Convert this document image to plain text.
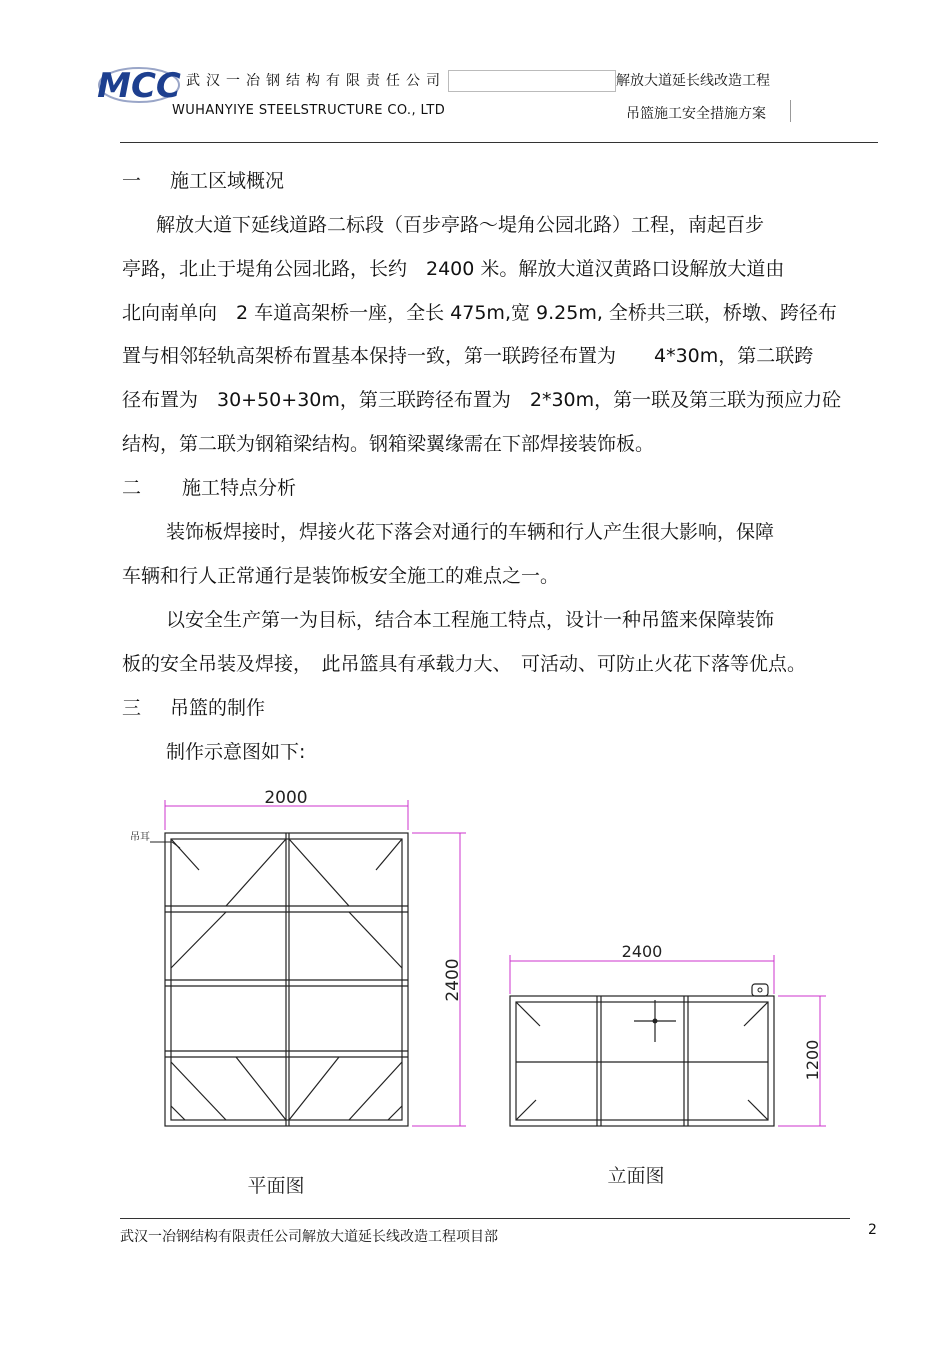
MCC 武汉一冶钢结构有限责任公司
WUHANYIYE STEELSTRUCTURE CO., LTD
解放大道延长线改造工程
吊篮施工安全措施方案
一 施工区域概况
解放大道下延线道路二标段（百步亭路～堤角公园北路）工程，南起百步
亭路，北止于堤角公园北路，长约　2400 米。解放大道汉黄路口设解放大道由
北向南单向　2 车道高架桥一座，全长 475m,宽 9.25m, 全桥共三联，桥墩、跨径布
置与相邻轻轨高架桥布置基本保持一致，第一联跨径布置为　　4*30m，第二联跨
径布置为　30+50+30m，第三联跨径布置为　2*30m，第一联及第三联为预应力砼
结构，第二联为钢箱梁结构。钢箱梁翼缘需在下部焊接装饰板。
二 施工特点分析
装饰板焊接时，焊接火花下落会对通行的车辆和行人产生很大影响，保障
车辆和行人正常通行是装饰板安全施工的难点之一。
以安全生产第一为目标，结合本工程施工特点，设计一种吊篮来保障装饰
板的安全吊装及焊接，　此吊篮具有承载力大、　可活动、可防止火花下落等优点。
三 吊篮的制作
制作示意图如下:
吊耳
2000
2400
2400
1200
平面图	立面图
武汉一冶钢结构有限责任公司解放大道延长线改造工程项目部	2
